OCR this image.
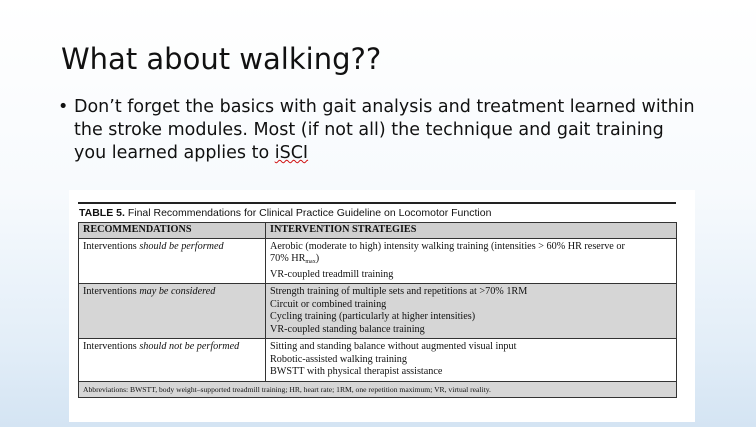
What about walking??
• Don’t forget the basics with gait analysis and treatment learned within the stroke modules. Most (if not all) the technique and gait training you learned applies to iSCI
TABLE 5. Final Recommendations for Clinical Practice Guideline on Locomotor Function
RECOMMENDATIONS	INTERVENTION STRATEGIES
Interventions should be performed	Aerobic (moderate to high) intensity walking training (intensities > 60% HR reserve or
70% $HR_{max}$)
VR-coupled treadmill training

Interventions may be considered	Strength training of multiple sets and repetitions at >70% 1RM
Circuit or combined training
Cycling training (particularly at higher intensities)
VR-coupled standing balance training

Interventions should not be performed	Sitting and standing balance without augmented visual input
Robotic-assisted walking training
BWSTT with physical therapist assistance

Abbreviations: BWSTT, body weight–supported treadmill training; HR, heart rate; 1RM, one repetition maximum; VR, virtual reality.	
